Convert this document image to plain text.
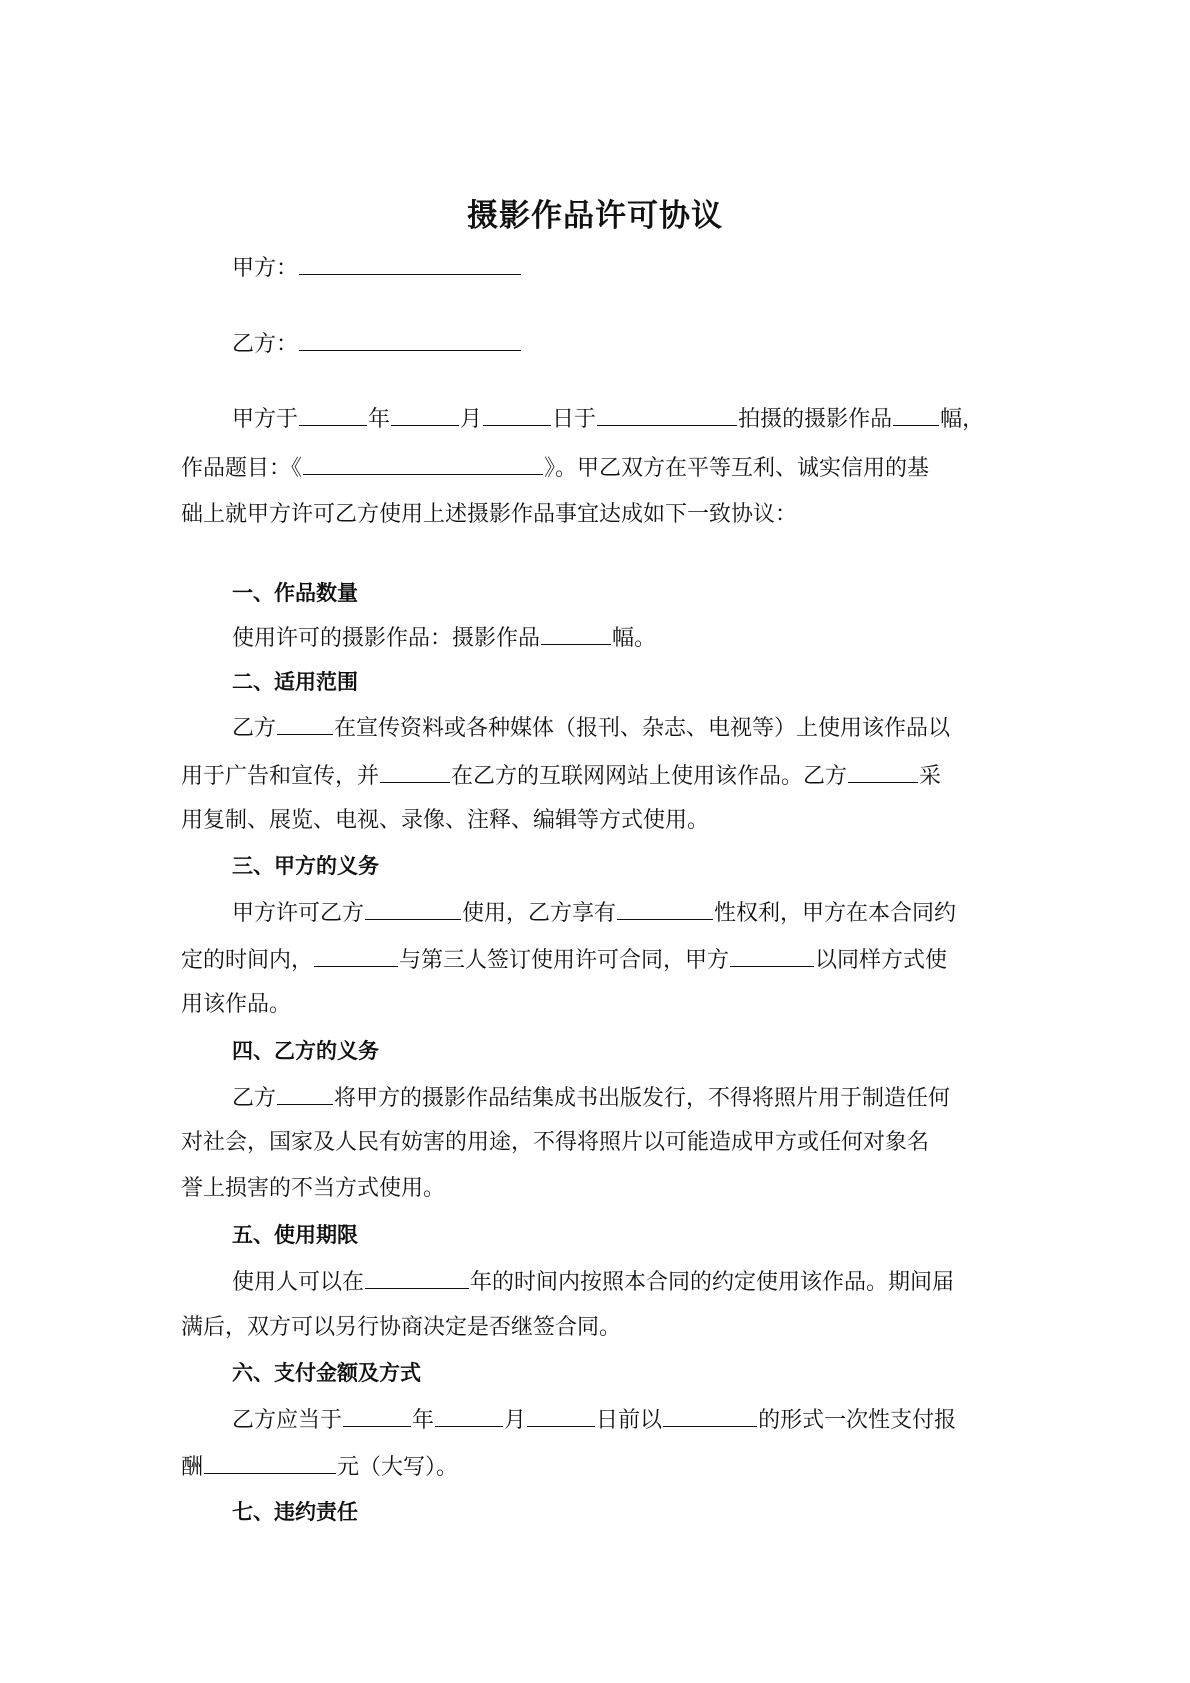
摄影作品许可协议
甲方：
乙方：
甲方于	年	月	日于	拍摄的摄影作品 幅，
作品题目：《	》。甲乙双方在平等互利、诚实信用的基
础上就甲方许可乙方使用上述摄影作品事宜达成如下一致协议：
一、作品数量
使用许可的摄影作品：摄影作品	幅。
二、适用范围
乙方	在宣传资料或各种媒体（报刊、杂志、电视等）上使用该作品以
用于广告和宣传，并	在乙方的互联网网站上使用该作品。乙方	采
用复制、展览、电视、录像、注释、编辑等方式使用。
三、甲方的义务
甲方许可乙方	使用，乙方享有	性权利，甲方在本合同约
定的时间内，	与第三人签订使用许可合同，甲方	以同样方式使
用该作品。
四、乙方的义务
乙方	将甲方的摄影作品结集成书出版发行，不得将照片用于制造任何
对社会，国家及人民有妨害的用途，不得将照片以可能造成甲方或任何对象名
誉上损害的不当方式使用。
五、使用期限
使用人可以在	年的时间内按照本合同的约定使用该作品。期间届
满后，双方可以另行协商决定是否继签合同。
六、支付金额及方式
乙方应当于	年	月	日前以	的形式一次性支付报
酬	元（大写）。
七、违约责任
